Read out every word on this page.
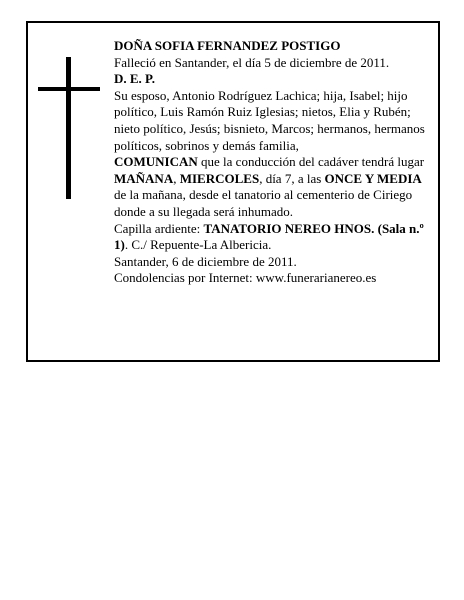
DOÑA SOFIA FERNANDEZ POSTIGO

Falleció en Santander, el día 5 de diciembre de 2011.

D. E. P.

Su esposo, Antonio Rodríguez Lachica; hija, Isabel; hijo político, Luis Ramón Ruiz Iglesias; nietos, Elia y Rubén; nieto político, Jesús; bisnieto, Marcos; hermanos, hermanos políticos, sobrinos y demás familia,

COMUNICAN que la conducción del cadáver tendrá lugar MAÑANA, MIERCOLES, día 7, a las ONCE Y MEDIA de la mañana, desde el tanatorio al cementerio de Ciriego donde a su llegada será inhumado.

Capilla ardiente: TANATORIO NEREO HNOS. (Sala n.º 1). C./ Repuente-La Albericia.

Santander, 6 de diciembre de 2011.

Condolencias por Internet: www.funerarianereo.es
